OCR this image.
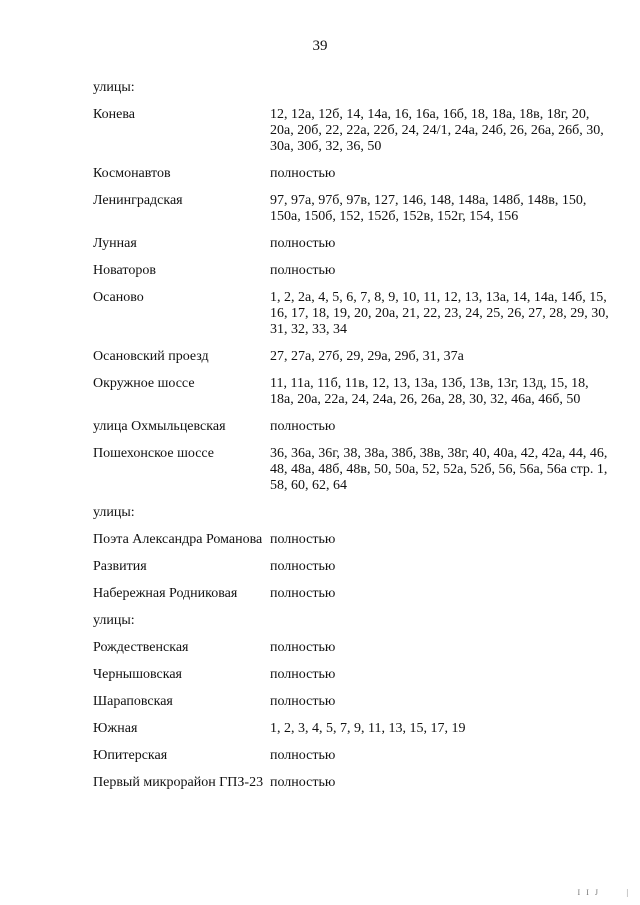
39
улицы:
Конева	12, 12а, 12б, 14, 14а, 16, 16а, 16б, 18, 18а, 18в, 18г, 20, 20а, 20б, 22, 22а, 22б, 24, 24/1, 24а, 24б, 26, 26а, 26б, 30, 30а, 30б, 32, 36, 50
Космонавтов	полностью
Ленинградская	97, 97а, 97б, 97в, 127, 146, 148, 148а, 148б, 148в, 150, 150а, 150б, 152, 152б, 152в, 152г, 154, 156
Лунная	полностью
Новаторов	полностью
Осаново	1, 2, 2а, 4, 5, 6, 7, 8, 9, 10, 11, 12, 13, 13а, 14, 14а, 14б, 15, 16, 17, 18, 19, 20, 20а, 21, 22, 23, 24, 25, 26, 27, 28, 29, 30, 31, 32, 33, 34
Осановский проезд	27, 27а, 27б, 29, 29а, 29б, 31, 37а
Окружное шоссе	11, 11а, 11б, 11в, 12, 13, 13а, 13б, 13в, 13г, 13д, 15, 18, 18а, 20а, 22а, 24, 24а, 26, 26а, 28, 30, 32, 46а, 46б, 50
улица Охмыльцевская	полностью
Пошехонское шоссе	36, 36а, 36г, 38, 38а, 38б, 38в, 38г, 40, 40а, 42, 42а, 44, 46, 48, 48а, 48б, 48в, 50, 50а, 52, 52а, 52б, 56, 56а, 56а стр. 1, 58, 60, 62, 64
улицы:
Поэта Александра Романова полностью
Развития	полностью
Набережная Родниковая	полностью
улицы:
Рождественская	полностью
Чернышовская	полностью
Шараповская	полностью
Южная	1, 2, 3, 4, 5, 7, 9, 11, 13, 15, 17, 19
Юпитерская	полностью
Первый микрорайон ГПЗ-23 полностью
I I J	|
